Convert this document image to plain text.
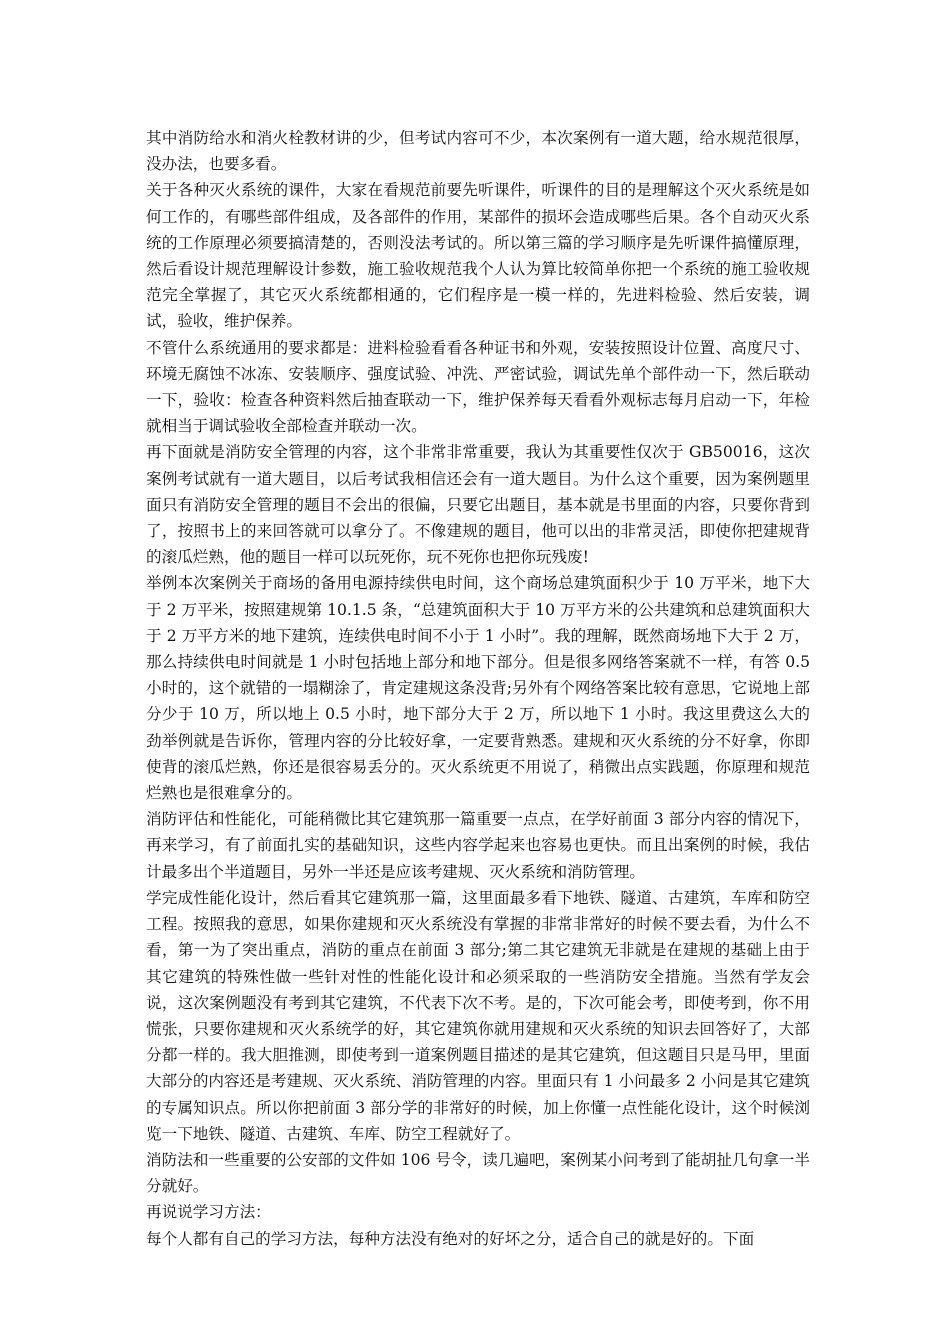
其中消防给水和消火栓教材讲的少，但考试内容可不少，本次案例有一道大题，给水规范很厚，没办法，也要多看。

关于各种灭火系统的课件，大家在看规范前要先听课件，听课件的目的是理解这个灭火系统是如何工作的，有哪些部件组成，及各部件的作用，某部件的损坏会造成哪些后果。各个自动灭火系统的工作原理必须要搞清楚的，否则没法考试的。所以第三篇的学习顺序是先听课件搞懂原理，然后看设计规范理解设计参数，施工验收规范我个人认为算比较简单你把一个系统的施工验收规范完全掌握了，其它灭火系统都相通的，它们程序是一模一样的，先进料检验、然后安装，调试，验收，维护保养。

不管什么系统通用的要求都是：进料检验看看各种证书和外观，安装按照设计位置、高度尺寸、环境无腐蚀不冰冻、安装顺序、强度试验、冲洗、严密试验，调试先单个部件动一下，然后联动一下，验收：检查各种资料然后抽查联动一下，维护保养每天看看外观标志每月启动一下，年检就相当于调试验收全部检查并联动一次。

再下面就是消防安全管理的内容，这个非常非常重要，我认为其重要性仅次于 GB50016，这次案例考试就有一道大题目，以后考试我相信还会有一道大题目。为什么这个重要，因为案例题里面只有消防安全管理的题目不会出的很偏，只要它出题目，基本就是书里面的内容，只要你背到了，按照书上的来回答就可以拿分了。不像建规的题目，他可以出的非常灵活，即使你把建规背的滚瓜烂熟，他的题目一样可以玩死你，玩不死你也把你玩残废!

举例本次案例关于商场的备用电源持续供电时间，这个商场总建筑面积少于 10 万平米，地下大于 2 万平米，按照建规第 10.1.5 条，“总建筑面积大于 10 万平方米的公共建筑和总建筑面积大于 2 万平方米的地下建筑，连续供电时间不小于 1 小时”。我的理解，既然商场地下大于 2 万，那么持续供电时间就是 1 小时包括地上部分和地下部分。但是很多网络答案就不一样，有答 0.5 小时的，这个就错的一塌糊涂了，肯定建规这条没背;另外有个网络答案比较有意思，它说地上部分少于 10 万，所以地上 0.5 小时，地下部分大于 2 万，所以地下 1 小时。我这里费这么大的劲举例就是告诉你，管理内容的分比较好拿，一定要背熟悉。建规和灭火系统的分不好拿，你即使背的滚瓜烂熟，你还是很容易丢分的。灭火系统更不用说了，稍微出点实践题，你原理和规范烂熟也是很难拿分的。

消防评估和性能化，可能稍微比其它建筑那一篇重要一点点，在学好前面 3 部分内容的情况下，再来学习，有了前面扎实的基础知识，这些内容学起来也容易也更快。而且出案例的时候，我估计最多出个半道题目，另外一半还是应该考建规、灭火系统和消防管理。

学完成性能化设计，然后看其它建筑那一篇，这里面最多看下地铁、隧道、古建筑，车库和防空工程。按照我的意思，如果你建规和灭火系统没有掌握的非常非常好的时候不要去看，为什么不看，第一为了突出重点，消防的重点在前面 3 部分;第二其它建筑无非就是在建规的基础上由于其它建筑的特殊性做一些针对性的性能化设计和必须采取的一些消防安全措施。当然有学友会说，这次案例题没有考到其它建筑，不代表下次不考。是的，下次可能会考，即使考到，你不用慌张，只要你建规和灭火系统学的好，其它建筑你就用建规和灭火系统的知识去回答好了，大部分都一样的。我大胆推测，即使考到一道案例题目描述的是其它建筑，但这题目只是马甲，里面大部分的内容还是考建规、灭火系统、消防管理的内容。里面只有 1 小问最多 2 小问是其它建筑的专属知识点。所以你把前面 3 部分学的非常好的时候，加上你懂一点性能化设计，这个时候浏览一下地铁、隧道、古建筑、车库、防空工程就好了。

消防法和一些重要的公安部的文件如 106 号令，读几遍吧，案例某小问考到了能胡扯几句拿一半分就好。

再说说学习方法：

每个人都有自己的学习方法，每种方法没有绝对的好坏之分，适合自己的就是好的。下面
